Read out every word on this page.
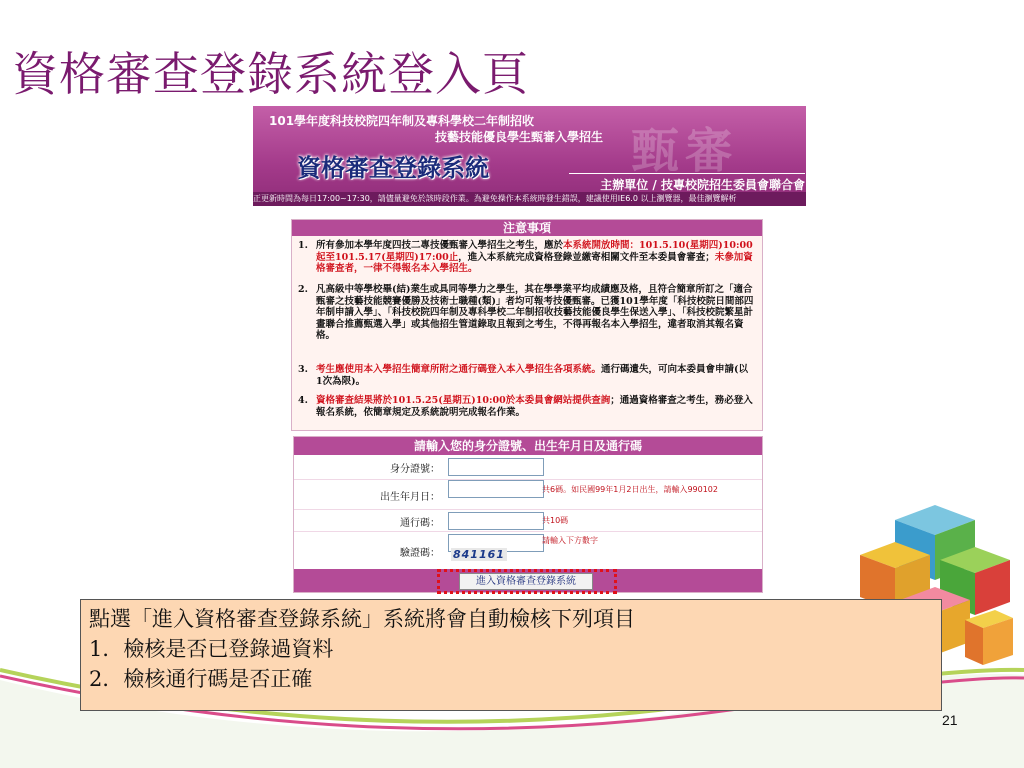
資格審查登錄系統登入頁
101學年度科技校院四年制及專科學校二年制招收
技藝技能優良學生甄審入學招生 甄審
資格審查登錄系統
主辦單位 / 技專校院招生委員會聯合會
正更新時間為每日17:00~17:30，請儘量避免於該時段作業。為避免操作本系統時發生錯誤，建議使用IE6.0 以上瀏覽器，最佳瀏覽解析
注意事項
1. 所有參加本學年度四技二專技優甄審入學招生之考生，應於本系統開放時間：101.5.10(星期四)10:00起至101.5.17(星期四)17:00止，進入本系統完成資格登錄並繳寄相關文件至本委員會審查；未參加資格審查者，一律不得報名本入學招生。
2. 凡高級中等學校畢(結)業生或具同等學力之學生，其在學學業平均成績應及格，且符合簡章所訂之「適合甄審之技藝技能競賽優勝及技術士職種(類)」者均可報考技優甄審。已獲101學年度「科技校院日間部四年制申請入學」、「科技校院四年制及專科學校二年制招收技藝技能優良學生保送入學」、「科技校院繁星計畫聯合推薦甄選入學」或其他招生管道錄取且報到之考生，不得再報名本入學招生，違者取消其報名資格。
3. 考生應使用本入學招生簡章所附之通行碼登入本入學招生各項系統。通行碼遺失，可向本委員會申請(以1次為限)。
4. 資格審查結果將於101.5.25(星期五)10:00於本委員會網站提供查詢；通過資格審查之考生，務必登入報名系統，依簡章規定及系統說明完成報名作業。
請輸入您的身分證號、出生年月日及通行碼
身分證號：
出生年月日：
共6碼。如民國99年1月2日出生，請輸入990102
通行碼：	共10碼
驗證碼：
請輸入下方數字
841161
進入資格審查登錄系統
點選「進入資格審查登錄系統」系統將會自動檢核下列項目
1．檢核是否已登錄過資料
2．檢核通行碼是否正確
21
